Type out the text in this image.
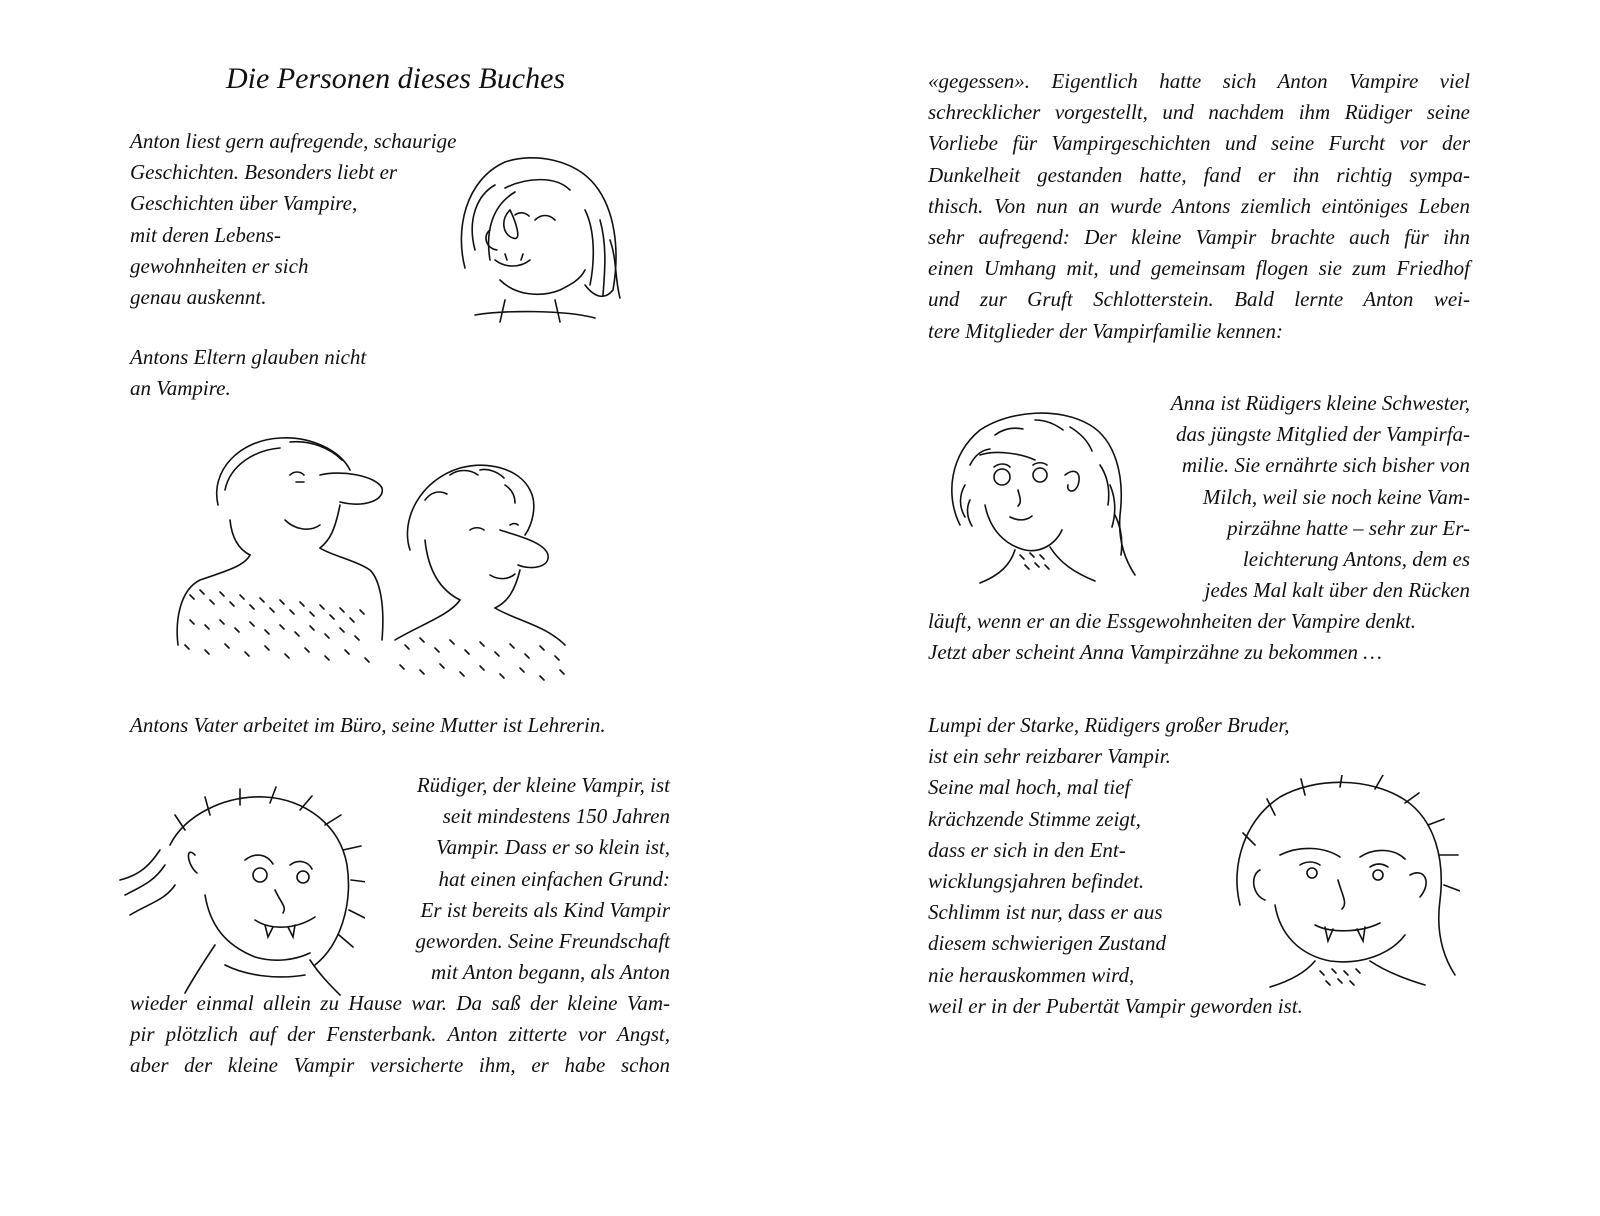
Die Personen dieses Buches
Anton liest gern aufregende, schaurige
Geschichten. Besonders liebt er
Geschichten über Vampire,
mit deren Lebens-
gewohnheiten er sich
genau auskennt.
Antons Eltern glauben nicht
an Vampire.
Antons Vater arbeitet im Büro, seine Mutter ist Lehrerin.
Rüdiger, der kleine Vampir, ist
seit mindestens 150 Jahren
Vampir. Dass er so klein ist,
hat einen einfachen Grund:
Er ist bereits als Kind Vampir
geworden. Seine Freundschaft
mit Anton begann, als Anton
wieder einmal allein zu Hause war. Da saß der kleine Vam-
pir plötzlich auf der Fensterbank. Anton zitterte vor Angst,
aber der kleine Vampir versicherte ihm, er habe schon
«gegessen». Eigentlich hatte sich Anton Vampire viel
schrecklicher vorgestellt, und nachdem ihm Rüdiger seine
Vorliebe für Vampirgeschichten und seine Furcht vor der
Dunkelheit gestanden hatte, fand er ihn richtig sympa-
thisch. Von nun an wurde Antons ziemlich eintöniges Leben
sehr aufregend: Der kleine Vampir brachte auch für ihn
einen Umhang mit, und gemeinsam flogen sie zum Friedhof
und zur Gruft Schlotterstein. Bald lernte Anton wei-
tere Mitglieder der Vampirfamilie kennen:
Anna ist Rüdigers kleine Schwester,
das jüngste Mitglied der Vampirfa-
milie. Sie ernährte sich bisher von
Milch, weil sie noch keine Vam-
pirzähne hatte – sehr zur Er-
leichterung Antons, dem es
jedes Mal kalt über den Rücken
läuft, wenn er an die Essgewohnheiten der Vampire denkt.
Jetzt aber scheint Anna Vampirzähne zu bekommen …
Lumpi der Starke, Rüdigers großer Bruder,
ist ein sehr reizbarer Vampir.
Seine mal hoch, mal tief
krächzende Stimme zeigt,
dass er sich in den Ent-
wicklungsjahren befindet.
Schlimm ist nur, dass er aus
diesem schwierigen Zustand
nie herauskommen wird,
weil er in der Pubertät Vampir geworden ist.
